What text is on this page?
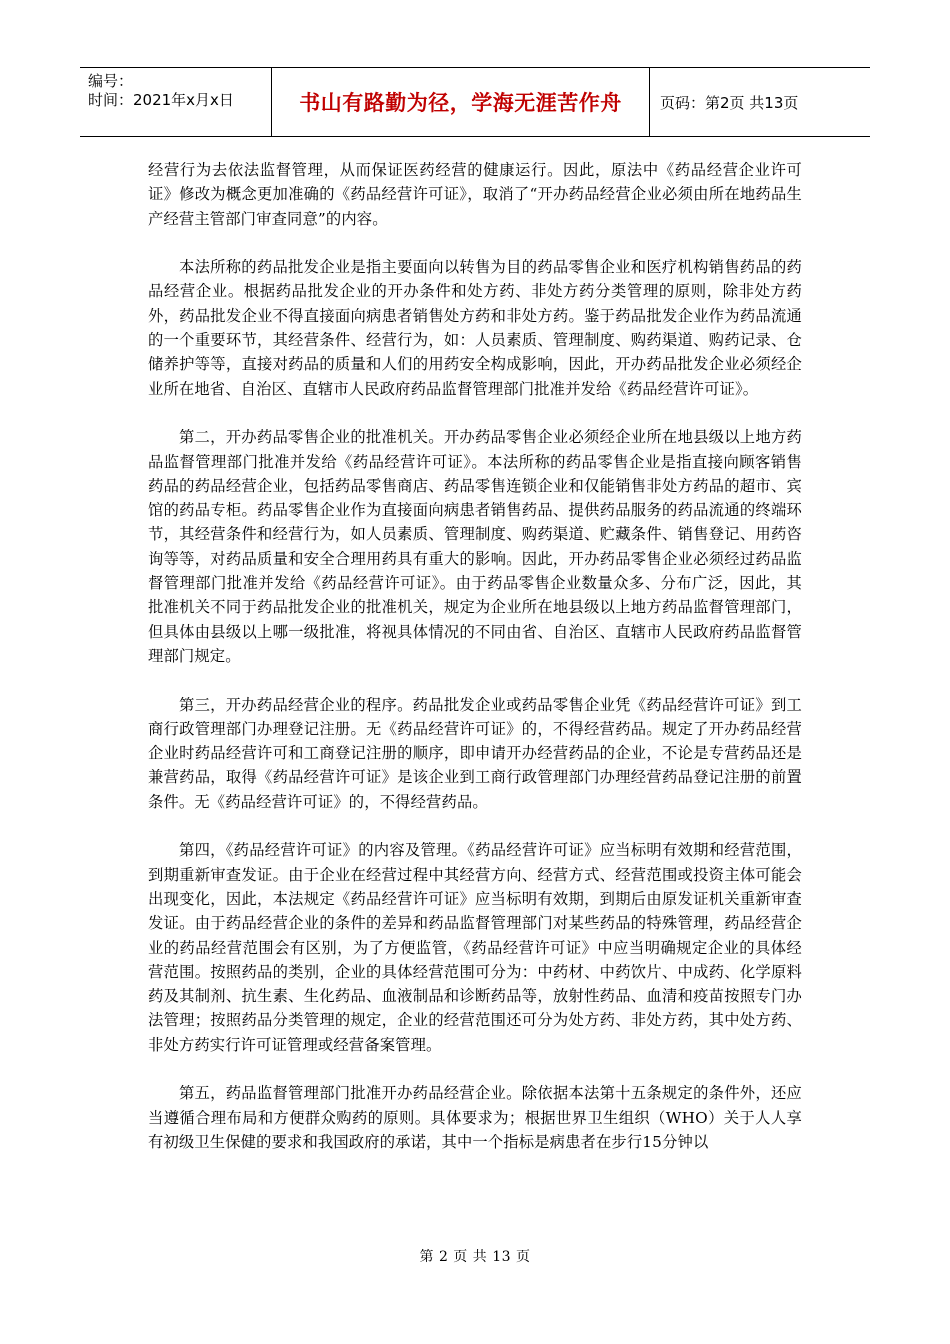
编号：
时间：2021年x月x日	书山有路勤为径，学海无涯苦作舟	页码：第2页 共13页

经营行为去依法监督管理，从而保证医药经营的健康运行。因此，原法中《药品经营企业许可证》修改为概念更加准确的《药品经营许可证》，取消了“开办药品经营企业必须由所在地药品生产经营主管部门审查同意”的内容。

本法所称的药品批发企业是指主要面向以转售为目的药品零售企业和医疗机构销售药品的药品经营企业。根据药品批发企业的开办条件和处方药、非处方药分类管理的原则，除非处方药外，药品批发企业不得直接面向病患者销售处方药和非处方药。鉴于药品批发企业作为药品流通的一个重要环节，其经营条件、经营行为，如：人员素质、管理制度、购药渠道、购药记录、仓储养护等等，直接对药品的质量和人们的用药安全构成影响，因此，开办药品批发企业必须经企业所在地省、自治区、直辖市人民政府药品监督管理部门批准并发给《药品经营许可证》。

第二，开办药品零售企业的批准机关。开办药品零售企业必须经企业所在地县级以上地方药品监督管理部门批准并发给《药品经营许可证》。本法所称的药品零售企业是指直接向顾客销售药品的药品经营企业，包括药品零售商店、药品零售连锁企业和仅能销售非处方药品的超市、宾馆的药品专柜。药品零售企业作为直接面向病患者销售药品、提供药品服务的药品流通的终端环节，其经营条件和经营行为，如人员素质、管理制度、购药渠道、贮藏条件、销售登记、用药咨询等等，对药品质量和安全合理用药具有重大的影响。因此，开办药品零售企业必须经过药品监督管理部门批准并发给《药品经营许可证》。由于药品零售企业数量众多、分布广泛，因此，其批准机关不同于药品批发企业的批准机关，规定为企业所在地县级以上地方药品监督管理部门，但具体由县级以上哪一级批准，将视具体情况的不同由省、自治区、直辖市人民政府药品监督管理部门规定。

第三，开办药品经营企业的程序。药品批发企业或药品零售企业凭《药品经营许可证》到工商行政管理部门办理登记注册。无《药品经营许可证》的，不得经营药品。规定了开办药品经营企业时药品经营许可和工商登记注册的顺序，即申请开办经营药品的企业，不论是专营药品还是兼营药品，取得《药品经营许可证》是该企业到工商行政管理部门办理经营药品登记注册的前置条件。无《药品经营许可证》的，不得经营药品。

第四，《药品经营许可证》的内容及管理。《药品经营许可证》应当标明有效期和经营范围，到期重新审查发证。由于企业在经营过程中其经营方向、经营方式、经营范围或投资主体可能会出现变化，因此，本法规定《药品经营许可证》应当标明有效期，到期后由原发证机关重新审查发证。由于药品经营企业的条件的差异和药品监督管理部门对某些药品的特殊管理，药品经营企业的药品经营范围会有区别，为了方便监管，《药品经营许可证》中应当明确规定企业的具体经营范围。按照药品的类别，企业的具体经营范围可分为：中药材、中药饮片、中成药、化学原料药及其制剂、抗生素、生化药品、血液制品和诊断药品等，放射性药品、血清和疫苗按照专门办法管理；按照药品分类管理的规定，企业的经营范围还可分为处方药、非处方药，其中处方药、非处方药实行许可证管理或经营备案管理。

第五，药品监督管理部门批准开办药品经营企业。除依据本法第十五条规定的条件外，还应当遵循合理布局和方便群众购药的原则。具体要求为；根据世界卫生组织（WHO）关于人人享有初级卫生保健的要求和我国政府的承诺，其中一个指标是病患者在步行15分钟以

第 2 页 共 13 页
